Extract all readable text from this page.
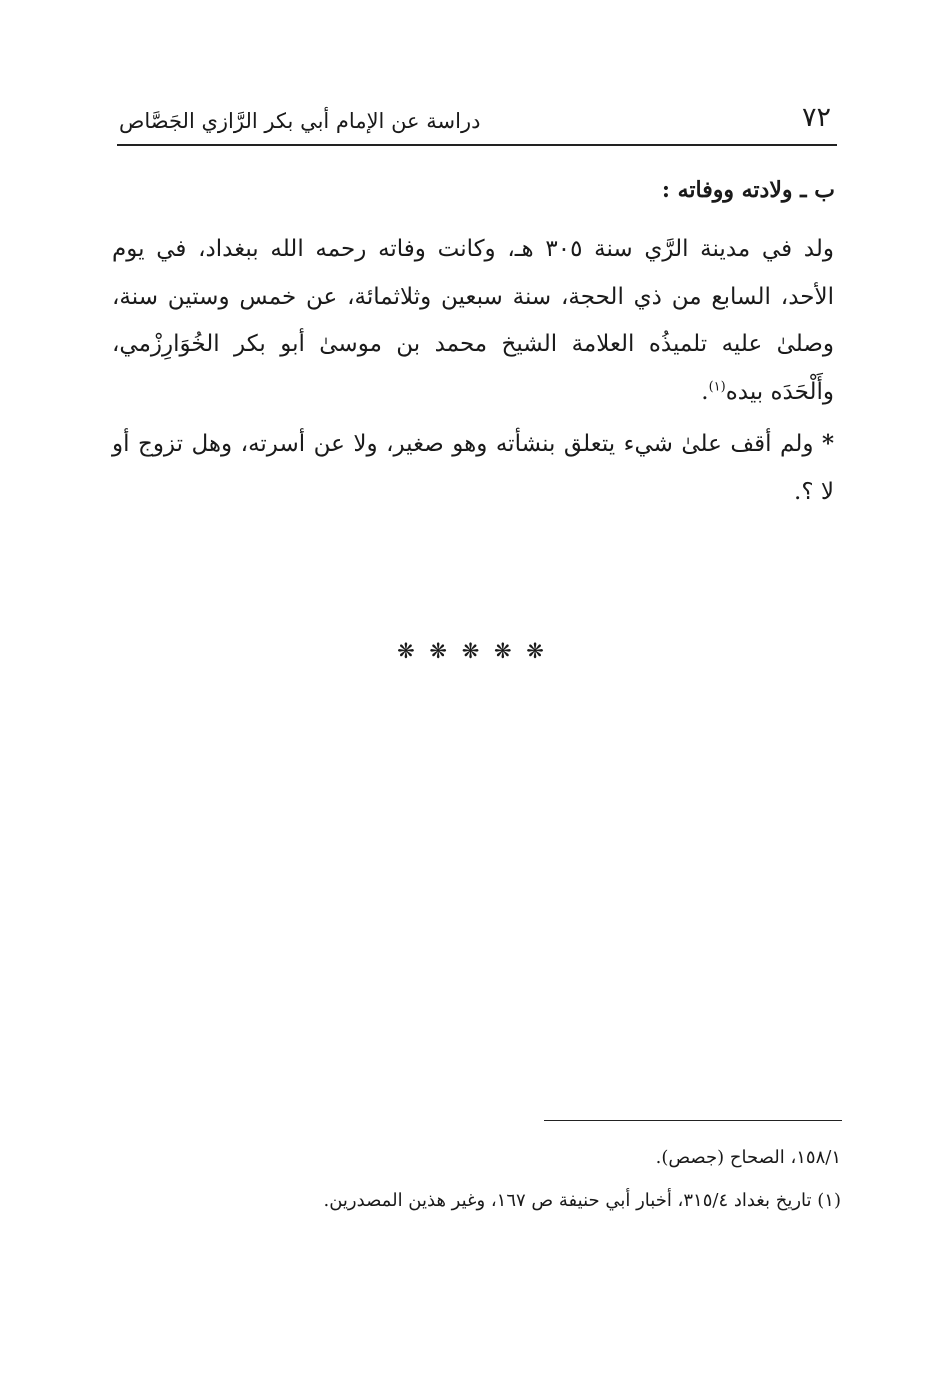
٧٢
دراسة عن الإمام أبي بكر الرَّازي الجَصَّاص
ب ـ ولادته ووفاته :

ولد في مدينة الرَّي سنة ٣٠٥ هـ، وكانت وفاته رحمه الله ببغداد، في يوم الأحد، السابع من ذي الحجة، سنة سبعين وثلاثمائة، عن خمس وستين سنة، وصلىٰ عليه تلميذُه العلامة الشيخ محمد بن موسىٰ أبو بكر الخُوَارِزْمي، وأَلْحَدَه بيده$^{(١)}$.

* ولم أقف علىٰ شيء يتعلق بنشأته وهو صغير، ولا عن أسرته، وهل تزوج أو لا ؟.

❋ ❋ ❋ ❋ ❋
١٥٨/١، الصحاح (جصص).
(١) تاريخ بغداد ٣١٥/٤، أخبار أبي حنيفة ص ١٦٧، وغير هذين المصدرين.
